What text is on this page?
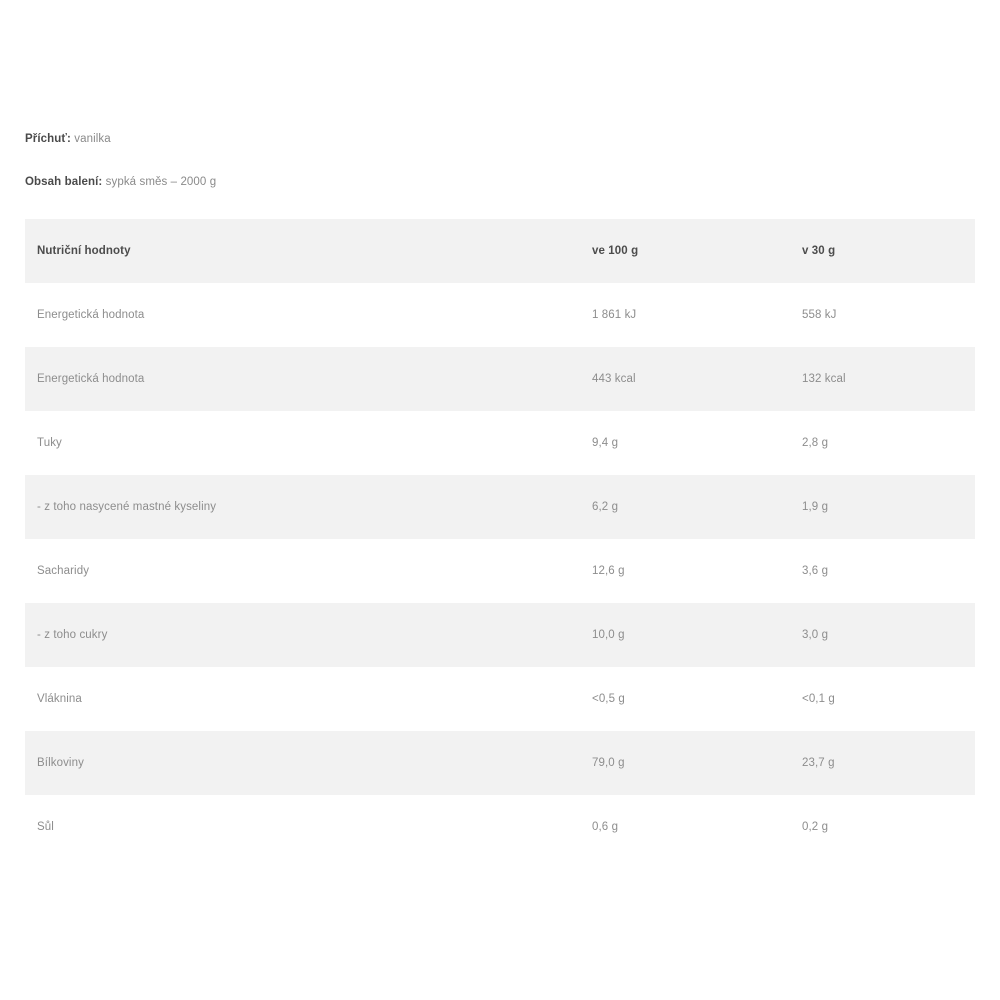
Příchuť: vanilka

Obsah balení: sypká směs – 2000 g

Nutriční hodnoty	ve 100 g	v 30 g
Energetická hodnota	1 861 kJ	558 kJ
Energetická hodnota	443 kcal	132 kcal
Tuky	9,4 g	2,8 g
- z toho nasycené mastné kyseliny	6,2 g	1,9 g
Sacharidy	12,6 g	3,6 g
- z toho cukry	10,0 g	3,0 g
Vláknina	<0,5 g	<0,1 g
Bílkoviny	79,0 g	23,7 g
Sůl	0,6 g	0,2 g
